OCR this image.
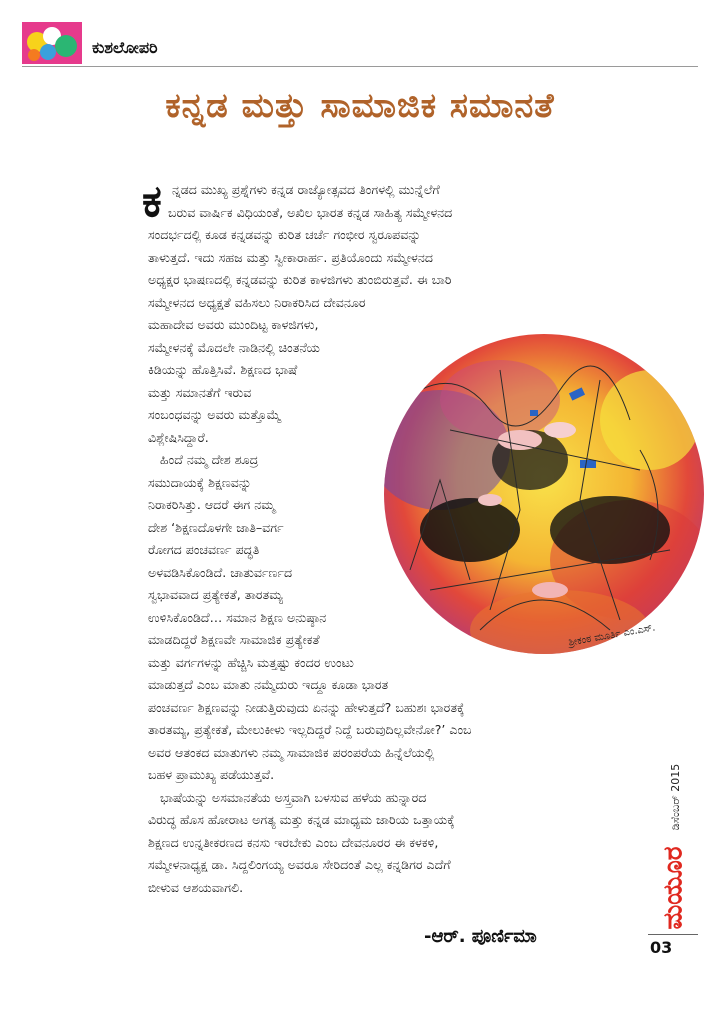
ಕುಶಲೋಪರಿ
ಕನ್ನಡ ಮತ್ತು ಸಾಮಾಜಿಕ ಸಮಾನತೆ
ಕ ನ್ನಡದ ಮುಖ್ಯ ಪ್ರಶ್ನೆಗಳು ಕನ್ನಡ ರಾಜ್ಯೋತ್ಸವದ ತಿಂಗಳಲ್ಲಿ ಮುನ್ನೆಲೆಗೆ
ಬರುವ ವಾರ್ಷಿಕ ವಿಧಿಯಂತೆ, ಅಖಿಲ ಭಾರತ ಕನ್ನಡ ಸಾಹಿತ್ಯ ಸಮ್ಮೇಳನದ
ಸಂದರ್ಭದಲ್ಲಿ ಕೂಡ ಕನ್ನಡವನ್ನು ಕುರಿತ ಚರ್ಚೆ ಗಂಭೀರ ಸ್ವರೂಪವನ್ನು
ತಾಳುತ್ತದೆ. ಇದು ಸಹಜ ಮತ್ತು ಸ್ವೀಕಾರಾರ್ಹ. ಪ್ರತಿಯೊಂದು ಸಮ್ಮೇಳನದ
ಅಧ್ಯಕ್ಷರ ಭಾಷಣದಲ್ಲಿ ಕನ್ನಡವನ್ನು ಕುರಿತ ಕಾಳಜಿಗಳು ತುಂಬಿರುತ್ತವೆ. ಈ ಬಾರಿ
ಸಮ್ಮೇಳನದ ಅಧ್ಯಕ್ಷತೆ ವಹಿಸಲು ನಿರಾಕರಿಸಿದ ದೇವನೂರ
ಮಹಾದೇವ ಅವರು ಮುಂದಿಟ್ಟ ಕಾಳಜಿಗಳು,
ಸಮ್ಮೇಳನಕ್ಕೆ ಮೊದಲೇ ನಾಡಿನಲ್ಲಿ ಚಿಂತನೆಯ
ಕಿಡಿಯನ್ನು ಹೊತ್ತಿಸಿವೆ. ಶಿಕ್ಷಣದ ಭಾಷೆ
ಮತ್ತು ಸಮಾನತೆಗೆ ಇರುವ
ಸಂಬಂಧವನ್ನು ಅವರು ಮತ್ತೊಮ್ಮೆ
ವಿಶ್ಲೇಷಿಸಿದ್ದಾರೆ.
ಹಿಂದೆ ನಮ್ಮ ದೇಶ ಶೂದ್ರ
ಸಮುದಾಯಕ್ಕೆ ಶಿಕ್ಷಣವನ್ನು
ನಿರಾಕರಿಸಿತ್ತು. ಆದರೆ ಈಗ ನಮ್ಮ
ದೇಶ ‘ಶಿಕ್ಷಣದೊಳಗೇ ಜಾತಿ–ವರ್ಗ
ರೋಗದ ಪಂಚವರ್ಣ ಪದ್ಧತಿ
ಅಳವಡಿಸಿಕೊಂಡಿದೆ. ಚಾತುರ್ವರ್ಣದ
ಸ್ವಭಾವವಾದ ಪ್ರತ್ಯೇಕತೆ, ತಾರತಮ್ಯ
ಉಳಿಸಿಕೊಂಡಿದೆ… ಸಮಾನ ಶಿಕ್ಷಣ ಅನುಷ್ಠಾನ
ಮಾಡದಿದ್ದರೆ ಶಿಕ್ಷಣವೇ ಸಾಮಾಜಿಕ ಪ್ರತ್ಯೇಕತೆ
ಮತ್ತು ವರ್ಗಗಳನ್ನು ಹೆಚ್ಚಿಸಿ ಮತ್ತಷ್ಟು ಕಂದರ ಉಂಟು
ಮಾಡುತ್ತದೆ ಎಂಬ ಮಾತು ನಮ್ಮೆದುರು ಇದ್ದೂ ಕೂಡಾ ಭಾರತ
ಪಂಚವರ್ಣ ಶಿಕ್ಷಣವನ್ನು ನೀಡುತ್ತಿರುವುದು ಏನನ್ನು ಹೇಳುತ್ತದೆ? ಬಹುಶಃ ಭಾರತಕ್ಕೆ
ತಾರತಮ್ಯ, ಪ್ರತ್ಯೇಕತೆ, ಮೇಲುಕೀಳು ಇಲ್ಲದಿದ್ದರೆ ನಿದ್ದೆ ಬರುವುದಿಲ್ಲವೇನೋ?’ ಎಂಬ
ಅವರ ಆತಂಕದ ಮಾತುಗಳು ನಮ್ಮ ಸಾಮಾಜಿಕ ಪರಂಪರೆಯ ಹಿನ್ನೆಲೆಯಲ್ಲಿ
ಬಹಳ ಪ್ರಾಮುಖ್ಯ ಪಡೆಯುತ್ತವೆ.
ಭಾಷೆಯನ್ನು ಅಸಮಾನತೆಯ ಅಸ್ತ್ರವಾಗಿ ಬಳಸುವ ಹಳೆಯ ಹುನ್ನಾರದ
ವಿರುದ್ಧ ಹೊಸ ಹೋರಾಟ ಅಗತ್ಯ ಮತ್ತು ಕನ್ನಡ ಮಾಧ್ಯಮ ಜಾರಿಯ ಒತ್ತಾಯಕ್ಕೆ
ಶಿಕ್ಷಣದ ಉನ್ನತೀಕರಣದ ಕನಸು ಇರಬೇಕು ಎಂಬ ದೇವನೂರರ ಈ ಕಳಕಳಿ,
ಸಮ್ಮೇಳನಾಧ್ಯಕ್ಷ ಡಾ. ಸಿದ್ದಲಿಂಗಯ್ಯ ಅವರೂ ಸೇರಿದಂತೆ ಎಲ್ಲ ಕನ್ನಡಿಗರ ಎದೆಗೆ
ಬೀಳುವ ಆಶಯವಾಗಲಿ.
ಶ್ರೀಕಂಠ ಮೂರ್ತಿ ಎಂ.ಎಸ್.
-ಆರ್. ಪೂರ್ಣಿಮಾ
ಡಿಸೆಂಬರ್ 2015
ಮಯೂರ
03
